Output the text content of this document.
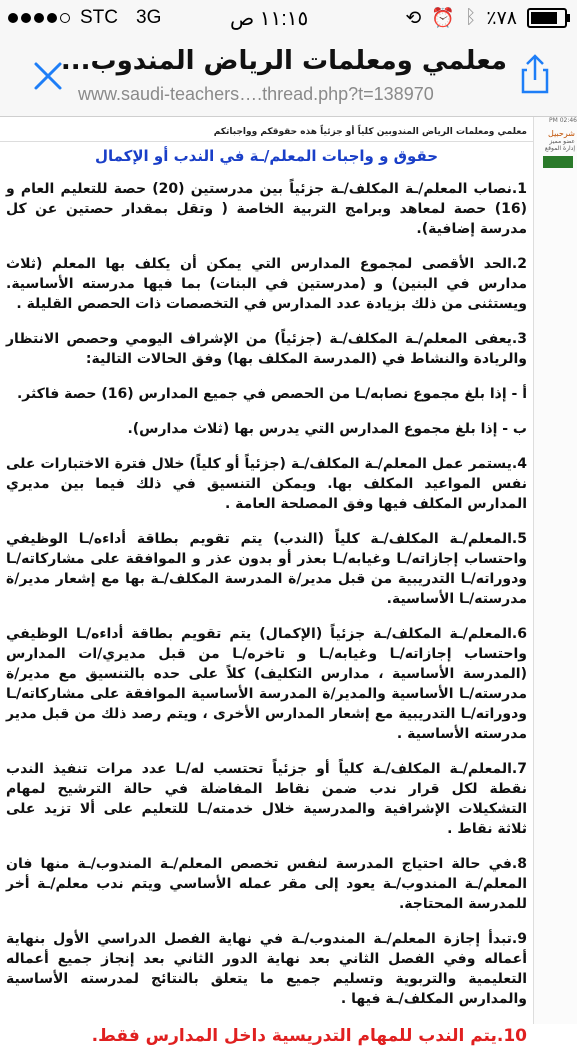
STC 3G	١١:١٥ ص	⟲ ⏰ ᛒ ٪٧٨
معلمي ومعلمات الرياض المندوب...
www.saudi-teachers….thread.php?t=138970
PM 02:46
شرحبيل
عضو مميز إدارة الموقع
معلمي ومعلمات الرياض المندوبين كلياً أو جزئياً هذه حقوقكم وواجباتكم
حقوق و واجبات المعلم/ـة في الندب أو الإكمال

1.نصاب المعلم/ـة المكلف/ـة جزئياً بين مدرستين (20) حصة للتعليم العام و (16) حصة لمعاهد وبرامج التربية الخاصة ( وتقل بمقدار حصتين عن كل مدرسة إضافية).

2.الحد الأقصى لمجموع المدارس التي يمكن أن يكلف بها المعلم (ثلاث مدارس في البنين) و (مدرستين في البنات) بما فيها مدرسته الأساسية. ويستثنى من ذلك بزيادة عدد المدارس في التخصصات ذات الحصص القليلة .

3.يعفى المعلم/ـة المكلف/ـة (جزئياً) من الإشراف اليومي وحصص الانتظار والريادة والنشاط في (المدرسة المكلف بها) وفق الحالات التالية:

أ - إذا بلغ مجموع نصابه/ـا من الحصص في جميع المدارس (16) حصة فاكثر.

ب - إذا بلغ مجموع المدارس التي يدرس بها (ثلاث مدارس).

4.يستمر عمل المعلم/ـة المكلف/ـة (جزئياً أو كلياً) خلال فترة الاختبارات على نفس المواعيد المكلف بها. ويمكن التنسيق في ذلك فيما بين مديري المدارس المكلف فيها وفق المصلحة العامة .

5.المعلم/ـة المكلف/ـة كلياً (الندب) يتم تقويم بطاقة أداءه/ـا الوظيفي واحتساب إجازاته/ـا وغيابه/ـا بعذر أو بدون عذر و الموافقة على مشاركاته/ـا ودوراته/ـا التدريبية من قبل مدير/ة المدرسة المكلف/ـة بها مع إشعار مدير/ة مدرسته/ـا الأساسية.

6.المعلم/ـة المكلف/ـة جزئياً (الإكمال) يتم تقويم بطاقة أداءه/ـا الوظيفي واحتساب إجازاته/ـا وغيابه/ـا و تاخره/ـا من قبل مديري/ات المدارس (المدرسة الأساسية ، مدارس التكليف) كلاً على حده بالتنسيق مع مدير/ة مدرسته/ـا الأساسية والمدير/ة المدرسة الأساسية الموافقة على مشاركاته/ـا ودوراته/ـا التدريبية مع إشعار المدارس الأخرى ، ويتم رصد ذلك من قبل مدير مدرسته الأساسية .

7.المعلم/ـة المكلف/ـة كلياً أو جزئياً تحتسب له/ـا عدد مرات تنفيذ الندب نقطة لكل قرار ندب ضمن نقاط المفاضلة في حالة الترشيح لمهام التشكيلات الإشرافية والمدرسية خلال خدمته/ـا للتعليم على ألا تزيد على ثلاثة نقاط .

8.في حالة احتياج المدرسة لنفس تخصص المعلم/ـة المندوب/ـة منها فان المعلم/ـة المندوب/ـة يعود إلى مقر عمله الأساسي ويتم ندب معلم/ـة أخر للمدرسة المحتاجة.

9.تبدأ إجازة المعلم/ـة المندوب/ـة في نهاية الفصل الدراسي الأول بنهاية أعماله وفي الفصل الثاني بعد نهاية الدور الثاني بعد إنجاز جميع أعماله التعليمية والتربوية وتسليم جميع ما يتعلق بالنتائج لمدرسته الأساسية والمدارس المكلف/ـة فيها .

10.يتم الندب للمهام التدريسية داخل المدارس فقط.
